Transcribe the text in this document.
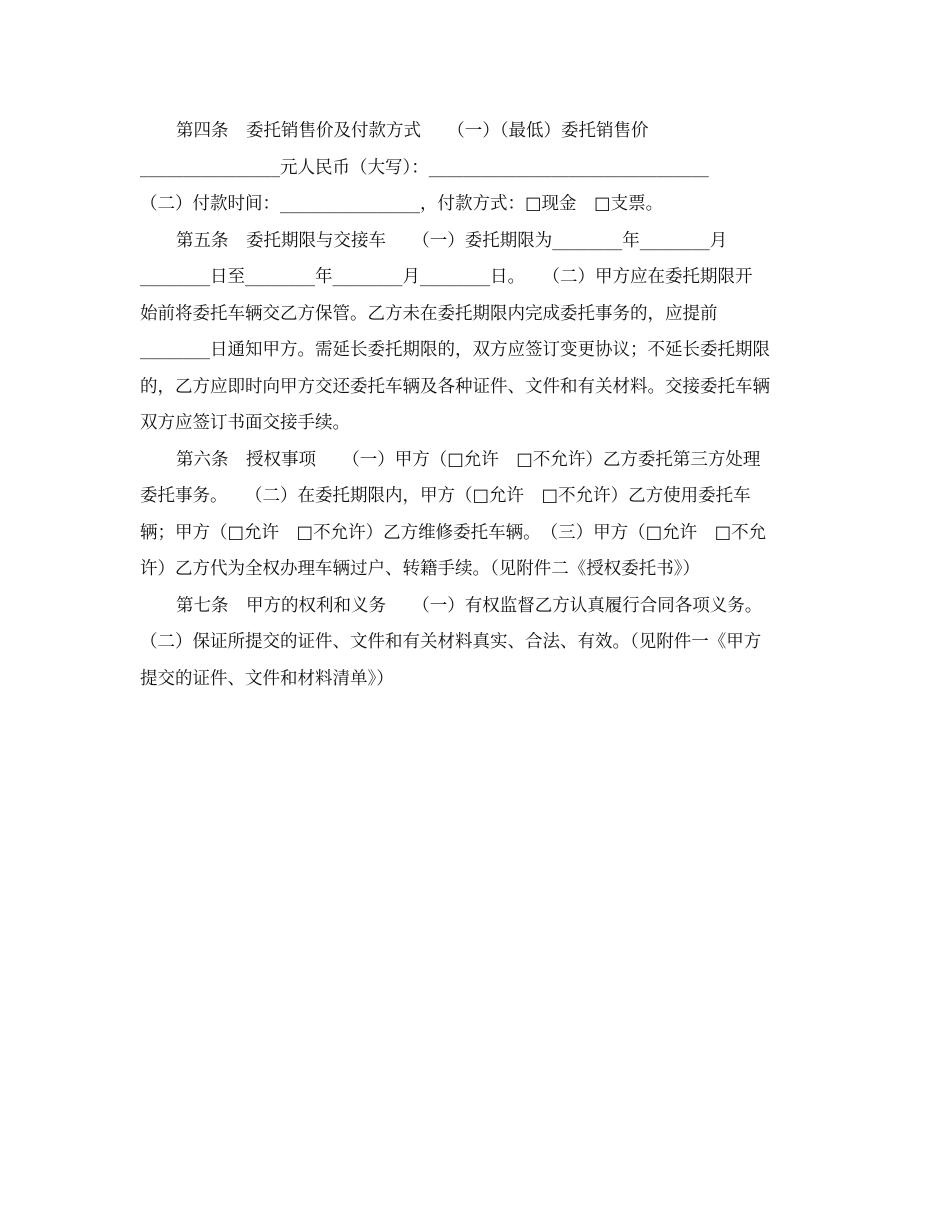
第四条　委托销售价及付款方式　　（一）（最低）委托销售价
________________元人民币（大写）：________________________________
（二）付款时间：________________，付款方式：□现金　□支票。
第五条　委托期限与交接车　　（一）委托期限为________年________月
________日至________年________月________日。　　（二）甲方应在委托期限开
始前将委托车辆交乙方保管。乙方未在委托期限内完成委托事务的，应提前
________日通知甲方。需延长委托期限的，双方应签订变更协议；不延长委托期限
的，乙方应即时向甲方交还委托车辆及各种证件、文件和有关材料。交接委托车辆
双方应签订书面交接手续。
第六条　授权事项　　（一）甲方（□允许　□不允许）乙方委托第三方处理
委托事务。　　（二）在委托期限内，甲方（□允许　□不允许）乙方使用委托车
辆；甲方（□允许　□不允许）乙方维修委托车辆。　（三）甲方（□允许　□不允
许）乙方代为全权办理车辆过户、转籍手续。（见附件二《授权委托书》）
第七条　甲方的权利和义务　　（一）有权监督乙方认真履行合同各项义务。
（二）保证所提交的证件、文件和有关材料真实、合法、有效。（见附件一《甲方
提交的证件、文件和材料清单》）
